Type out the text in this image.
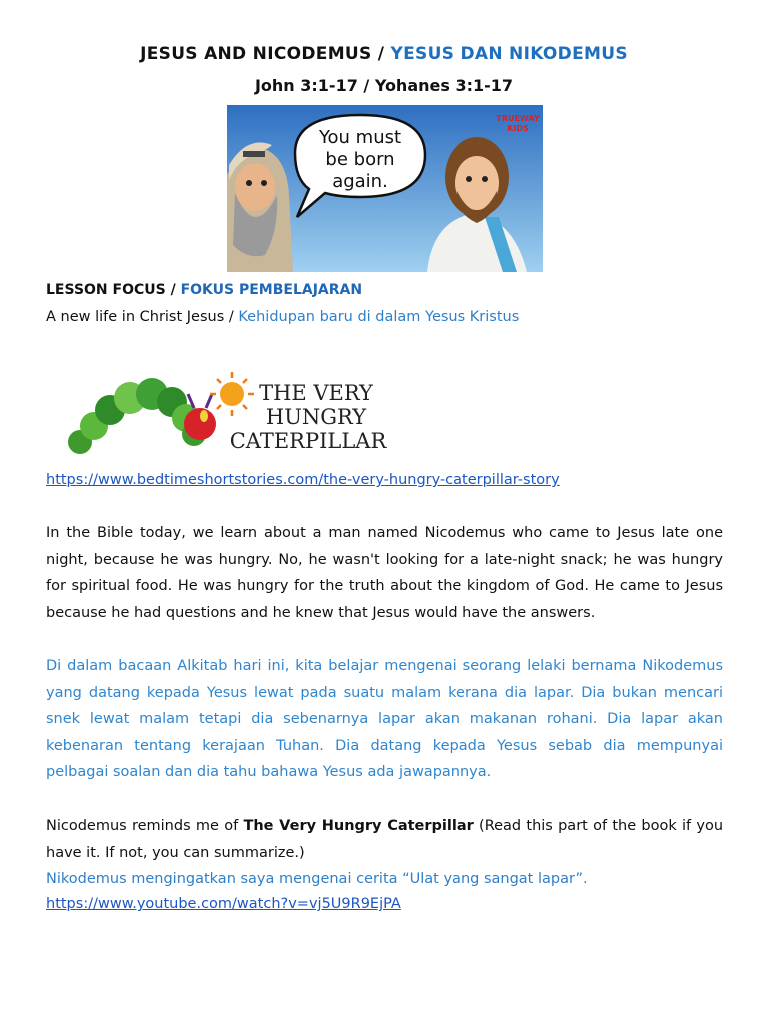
JESUS AND NICODEMUS / YESUS DAN NIKODEMUS
John 3:1-17 / Yohanes 3:1-17
You must
be born
again.
TRUEWAY
KIDS
LESSON FOCUS / FOKUS PEMBELAJARAN
A new life in Christ Jesus / Kehidupan baru di dalam Yesus Kristus
THE VERY
HUNGRY
CATERPILLAR
https://www.bedtimeshortstories.com/the-very-hungry-caterpillar-story

In the Bible today, we learn about a man named Nicodemus who came to Jesus late one night, because he was hungry. No, he wasn't looking for a late-night snack; he was hungry for spiritual food. He was hungry for the truth about the kingdom of God. He came to Jesus because he had questions and he knew that Jesus would have the answers.

Di dalam bacaan Alkitab hari ini, kita belajar mengenai seorang lelaki bernama Nikodemus yang datang kepada Yesus lewat pada suatu malam kerana dia lapar. Dia bukan mencari snek lewat malam tetapi dia sebenarnya lapar akan makanan rohani. Dia lapar akan kebenaran tentang kerajaan Tuhan. Dia datang kepada Yesus sebab dia mempunyai pelbagai soalan dan dia tahu bahawa Yesus ada jawapannya.

Nicodemus reminds me of The Very Hungry Caterpillar (Read this part of the book if you have it. If not, you can summarize.)

Nikodemus mengingatkan saya mengenai cerita “Ulat yang sangat lapar”.
https://www.youtube.com/watch?v=vj5U9R9EjPA
